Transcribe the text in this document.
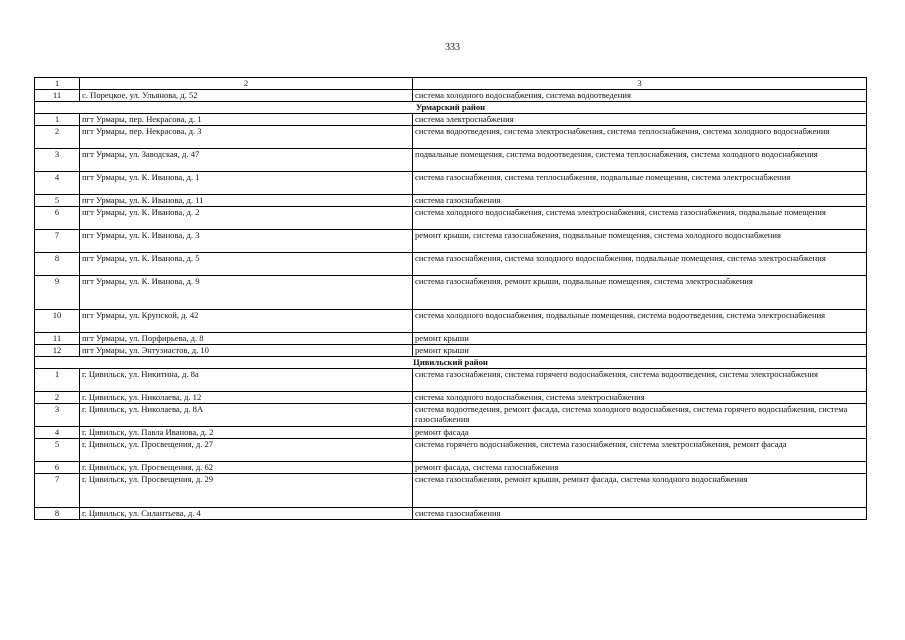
333
1	2	3
11	с. Порецкое, ул. Ульянова, д. 52	система холодного водоснабжения, система водоотведения
Урмарский район		
1	пгт Урмары, пер. Некрасова, д. 1	система электроснабжения
2	пгт Урмары, пер. Некрасова, д. 3	система водоотведения, система электроснабжения, система теплоснабжения, система холодного водоснабжения
3	пгт Урмары, ул. Заводская, д. 47	подвальные помещения, система водоотведения, система теплоснабжения, система холодного водоснабжения
4	пгт Урмары, ул. К. Иванова, д. 1	система газоснабжения, система теплоснабжения, подвальные помещения, система электроснабжения
5	пгт Урмары, ул. К. Иванова, д. 11	система газоснабжения
6	пгт Урмары, ул. К. Иванова, д. 2	система холодного водоснабжения, система электроснабжения, система газоснабжения, подвальные помещения
7	пгт Урмары, ул. К. Иванова, д. 3	ремонт крыши, система газоснабжения, подвальные помещения, система холодного водоснабжения
8	пгт Урмары, ул. К. Иванова, д. 5	система газоснабжения, система холодного водоснабжения, подвальные помещения, система электроснабжения
9	пгт Урмары, ул. К. Иванова, д. 9	система газоснабжения, ремонт крыши, подвальные помещения, система электроснабжения
10	пгт Урмары, ул. Крупской, д. 42	система холодного водоснабжения, подвальные помещения, система водоотведения, система электроснабжения
11	пгт Урмары, ул. Порфирьева, д. 8	ремонт крыши
12	пгт Урмары, ул. Энтузиастов, д. 10	ремонт крыши
Цивильский район		
1	г. Цивильск, ул. Никитина, д. 8а	система газоснабжения, система горячего водоснабжения, система водоотведения, система электроснабжения
2	г. Цивильск, ул. Николаева, д. 12	система холодного водоснабжения, система электроснабжения
3	г. Цивильск, ул. Николаева, д. 8А	система водоотведения, ремонт фасада, система холодного водоснабжения, система горячего водоснабжения, система газоснабжения
4	г. Цивильск, ул. Павла Иванова, д. 2	ремонт фасада
5	г. Цивильск, ул. Просвещения, д. 27	система горячего водоснабжения, система газоснабжения, система электроснабжения, ремонт фасада
6	г. Цивильск, ул. Просвещения, д. 62	ремонт фасада, система газоснабжения
7	г. Цивильск, ул. Просвещения, д. 29	система газоснабжения, ремонт крыши, ремонт фасада, система холодного водоснабжения
8	г. Цивильск, ул. Силантьева, д. 4	система газоснабжения
